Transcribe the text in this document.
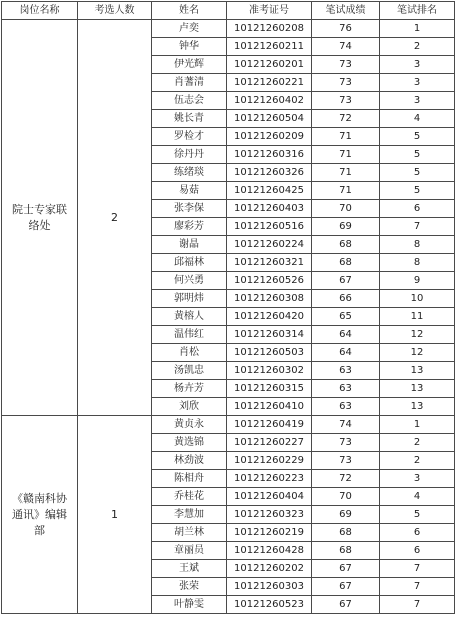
岗位名称	考选人数	姓名	准考证号	笔试成绩	笔试排名
院士专家联络处	2	卢奕	10121260208	76	1
		钟华	10121260211	74	2
		伊光辉	10121260201	73	3
		肖蓍清	10121260221	73	3
		伍志会	10121260402	73	3
		姚长青	10121260504	72	4
		罗检才	10121260209	71	5
		徐丹丹	10121260316	71	5
		练绪琰	10121260326	71	5
		易菇	10121260425	71	5
		张李保	10121260403	70	6
		廖彩芳	10121260516	69	7
		谢晶	10121260224	68	8
		邱福林	10121260321	68	8
		何兴勇	10121260526	67	9
		郭明炜	10121260308	66	10
		黄榕人	10121260420	65	11
		温伟红	10121260314	64	12
		肖松	10121260503	64	12
		汤凯忠	10121260302	63	13
		杨卉芳	10121260315	63	13
		刘欣	10121260410	63	13
《赣南科协通讯》编辑部	1	黄贞永	10121260419	74	1
		黄选锦	10121260227	73	2
		林劲波	10121260229	73	2
		陈相舟	10121260223	72	3
		乔桂花	10121260404	70	4
		李慧加	10121260323	69	5
		胡兰林	10121260219	68	6
		章丽员	10121260428	68	6
		王斌	10121260202	67	7
		张荣	10121260303	67	7
		叶静雯	10121260523	67	7
